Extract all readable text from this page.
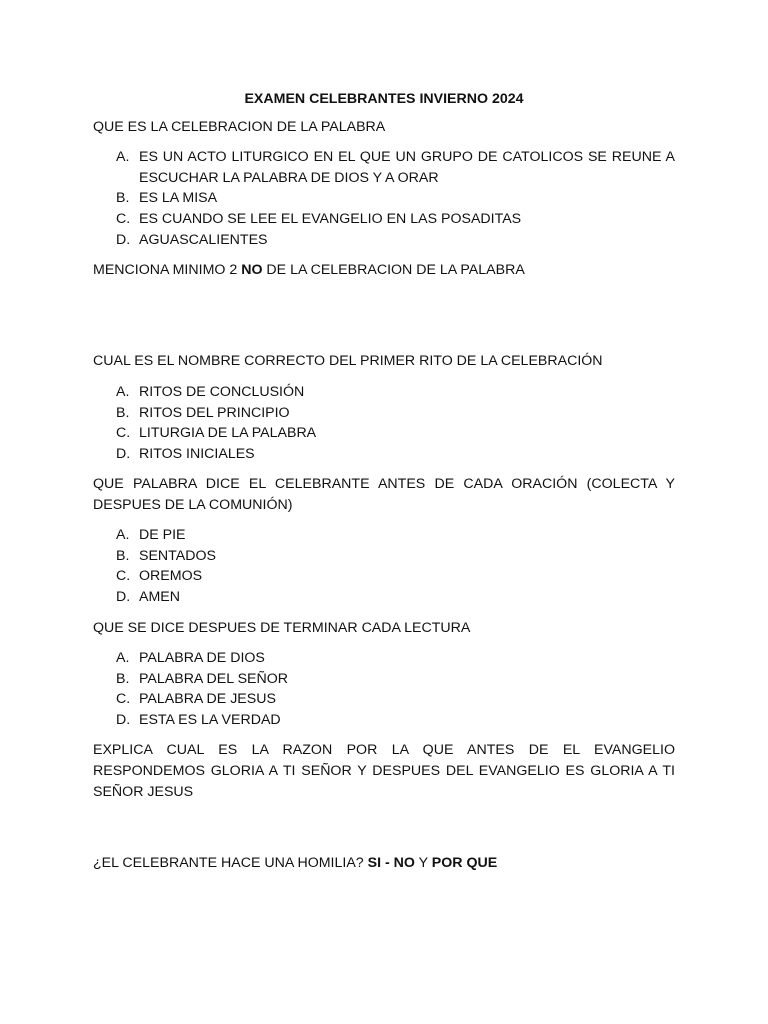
EXAMEN CELEBRANTES INVIERNO 2024
QUE ES LA CELEBRACION DE LA PALABRA
A. ES UN ACTO LITURGICO EN EL QUE UN GRUPO DE CATOLICOS SE REUNE A ESCUCHAR LA PALABRA DE DIOS Y A ORAR
B. ES LA MISA
C. ES CUANDO SE LEE EL EVANGELIO EN LAS POSADITAS
D. AGUASCALIENTES
MENCIONA MINIMO 2 NO DE LA CELEBRACION DE LA PALABRA
CUAL ES EL NOMBRE CORRECTO DEL PRIMER RITO DE LA CELEBRACIÓN
A. RITOS DE CONCLUSIÓN
B. RITOS DEL PRINCIPIO
C. LITURGIA DE LA PALABRA
D. RITOS INICIALES
QUE PALABRA DICE EL CELEBRANTE ANTES DE CADA ORACIÓN (COLECTA Y DESPUES DE LA COMUNIÓN)
A. DE PIE
B. SENTADOS
C. OREMOS
D. AMEN
QUE SE DICE DESPUES DE TERMINAR CADA LECTURA
A. PALABRA DE DIOS
B. PALABRA DEL SEÑOR
C. PALABRA DE JESUS
D. ESTA ES LA VERDAD
EXPLICA CUAL ES LA RAZON POR LA QUE ANTES DE EL EVANGELIO RESPONDEMOS GLORIA A TI SEÑOR Y DESPUES DEL EVANGELIO ES GLORIA A TI SEÑOR JESUS
¿EL CELEBRANTE HACE UNA HOMILIA? SI - NO Y POR QUE
